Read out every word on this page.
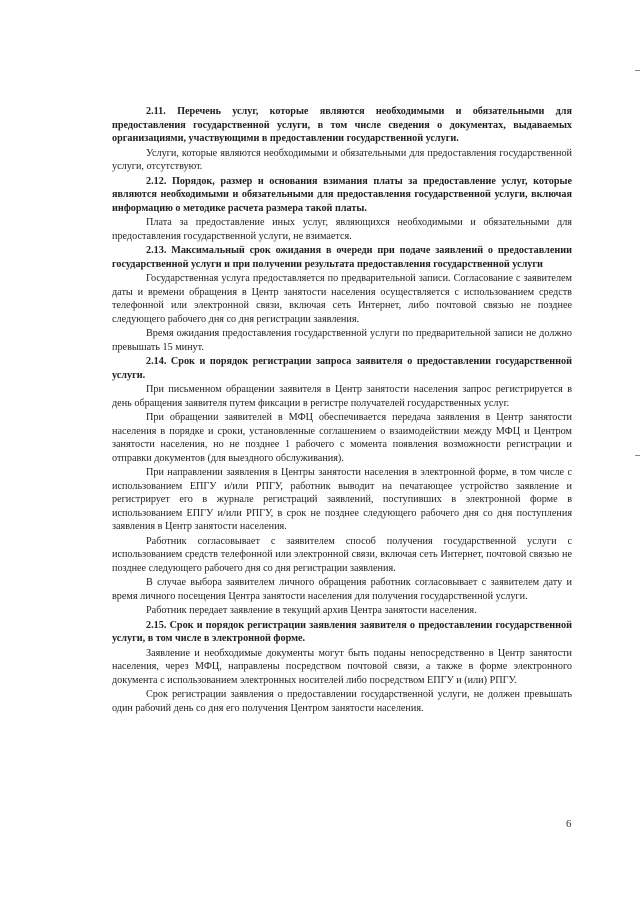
2.11. Перечень услуг, которые являются необходимыми и обязательными для предоставления государственной услуги, в том числе сведения о документах, выдаваемых организациями, участвующими в предоставлении государственной услуги.

Услуги, которые являются необходимыми и обязательными для предоставления государственной услуги, отсутствуют.

2.12. Порядок, размер и основания взимания платы за предоставление услуг, которые являются необходимыми и обязательными для предоставления государственной услуги, включая информацию о методике расчета размера такой платы.

Плата за предоставление иных услуг, являющихся необходимыми и обязательными для предоставления государственной услуги, не взимается.

2.13. Максимальный срок ожидания в очереди при подаче заявлений о предоставлении государственной услуги и при получении результата предоставления государственной услуги

Государственная услуга предоставляется по предварительной записи. Согласование с заявителем даты и времени обращения в Центр занятости населения осуществляется с использованием средств телефонной или электронной связи, включая сеть Интернет, либо почтовой связью не позднее следующего рабочего дня со дня регистрации заявления.

Время ожидания предоставления государственной услуги по предварительной записи не должно превышать 15 минут.

2.14. Срок и порядок регистрации запроса заявителя о предоставлении государственной услуги.

При письменном обращении заявителя в Центр занятости населения запрос регистрируется в день обращения заявителя путем фиксации в регистре получателей государственных услуг.

При обращении заявителей в МФЦ обеспечивается передача заявления в Центр занятости населения в порядке и сроки, установленные соглашением о взаимодействии между МФЦ и Центром занятости населения, но не позднее 1 рабочего с момента появления возможности регистрации и отправки документов (для выездного обслуживания).

При направлении заявления в Центры занятости населения в электронной форме, в том числе с использованием ЕПГУ и/или РПГУ, работник выводит на печатающее устройство заявление и регистрирует его в журнале регистраций заявлений, поступивших в электронной форме в использованием ЕПГУ и/или РПГУ, в срок не позднее следующего рабочего дня со дня поступления заявления в Центр занятости населения.

Работник согласовывает с заявителем способ получения государственной услуги с использованием средств телефонной или электронной связи, включая сеть Интернет, почтовой связью не позднее следующего рабочего дня со дня регистрации заявления.

В случае выбора заявителем личного обращения работник согласовывает с заявителем дату и время личного посещения Центра занятости населения для получения государственной услуги.

Работник передает заявление в текущий архив Центра занятости населения.

2.15. Срок и порядок регистрации заявления заявителя о предоставлении государственной услуги, в том числе в электронной форме.

Заявление и необходимые документы могут быть поданы непосредственно в Центр занятости населения, через МФЦ, направлены посредством почтовой связи, а также в форме электронного документа с использованием электронных носителей либо посредством ЕПГУ и (или) РПГУ.

Срок регистрации заявления о предоставлении государственной услуги, не должен превышать один рабочий день со дня его получения Центром занятости населения.

6
